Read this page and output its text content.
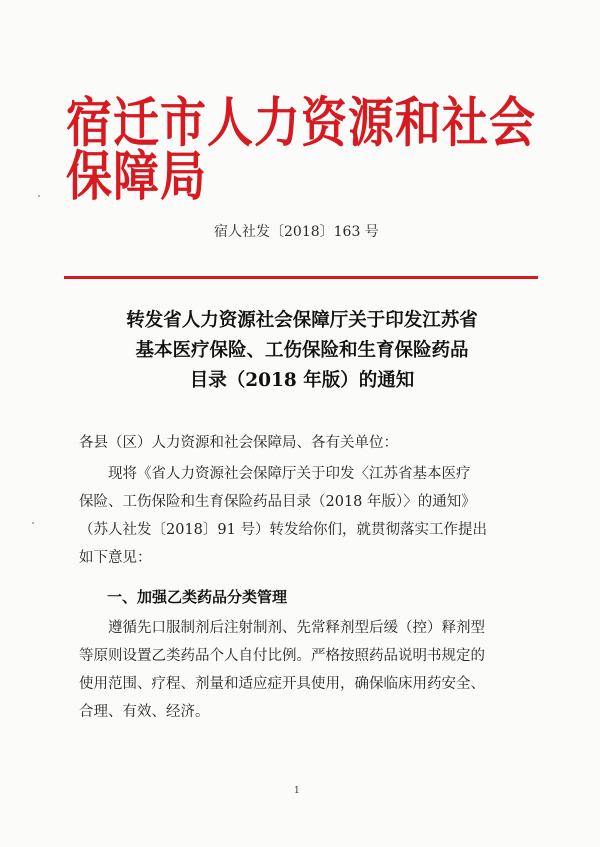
宿迁市人力资源和社会保障局
宿人社发〔2018〕163 号
转发省人力资源社会保障厅关于印发江苏省
基本医疗保险、工伤保险和生育保险药品
目录（2018 年版）的通知
各县（区）人力资源和社会保障局、各有关单位：
现将《省人力资源社会保障厅关于印发〈江苏省基本医疗
保险、工伤保险和生育保险药品目录（2018 年版）〉的通知》
（苏人社发〔2018〕91 号）转发给你们，就贯彻落实工作提出
如下意见：
一、加强乙类药品分类管理
遵循先口服制剂后注射制剂、先常释剂型后缓（控）释剂型
等原则设置乙类药品个人自付比例。严格按照药品说明书规定的
使用范围、疗程、剂量和适应症开具使用，确保临床用药安全、
合理、有效、经济。
1
